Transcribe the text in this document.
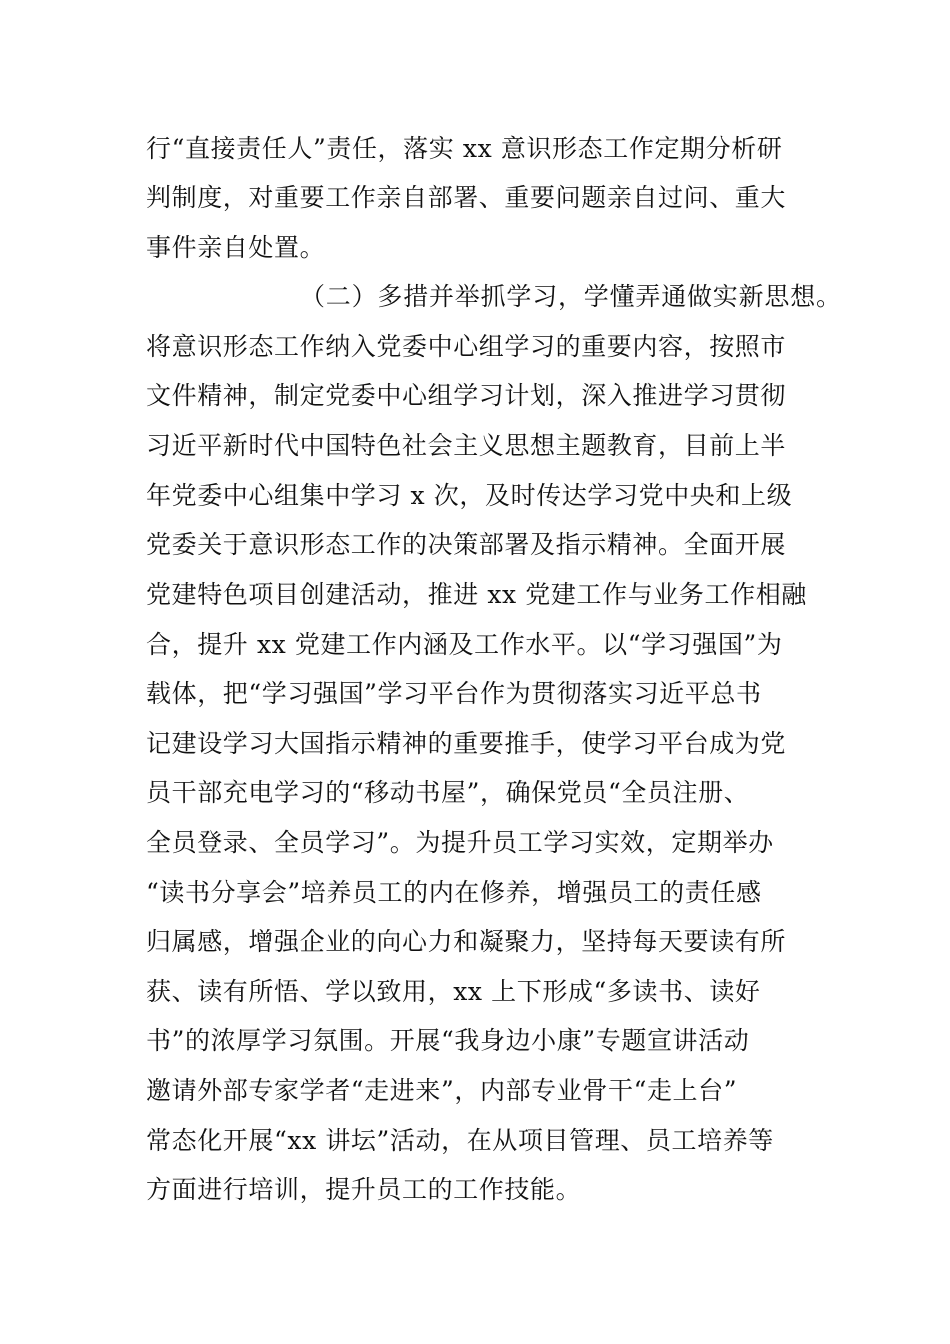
行“直接责任人”责任，落实 xx 意识形态工作定期分析研
判制度，对重要工作亲自部署、重要问题亲自过问、重大
事件亲自处置。
（二）多措并举抓学习，学懂弄通做实新思想。
将意识形态工作纳入党委中心组学习的重要内容，按照市
文件精神，制定党委中心组学习计划，深入推进学习贯彻
习近平新时代中国特色社会主义思想主题教育，目前上半
年党委中心组集中学习 x 次，及时传达学习党中央和上级
党委关于意识形态工作的决策部署及指示精神。全面开展
党建特色项目创建活动，推进 xx 党建工作与业务工作相融
合，提升 xx 党建工作内涵及工作水平。以“学习强国”为
载体，把“学习强国”学习平台作为贯彻落实习近平总书
记建设学习大国指示精神的重要推手，使学习平台成为党
员干部充电学习的“移动书屋”，确保党员“全员注册、
全员登录、全员学习”。为提升员工学习实效，定期举办
“读书分享会”培养员工的内在修养，增强员工的责任感
归属感，增强企业的向心力和凝聚力，坚持每天要读有所
获、读有所悟、学以致用，xx 上下形成“多读书、读好
书”的浓厚学习氛围。开展“我身边小康”专题宣讲活动
邀请外部专家学者“走进来”，内部专业骨干“走上台”
常态化开展“xx 讲坛”活动，在从项目管理、员工培养等
方面进行培训，提升员工的工作技能。
